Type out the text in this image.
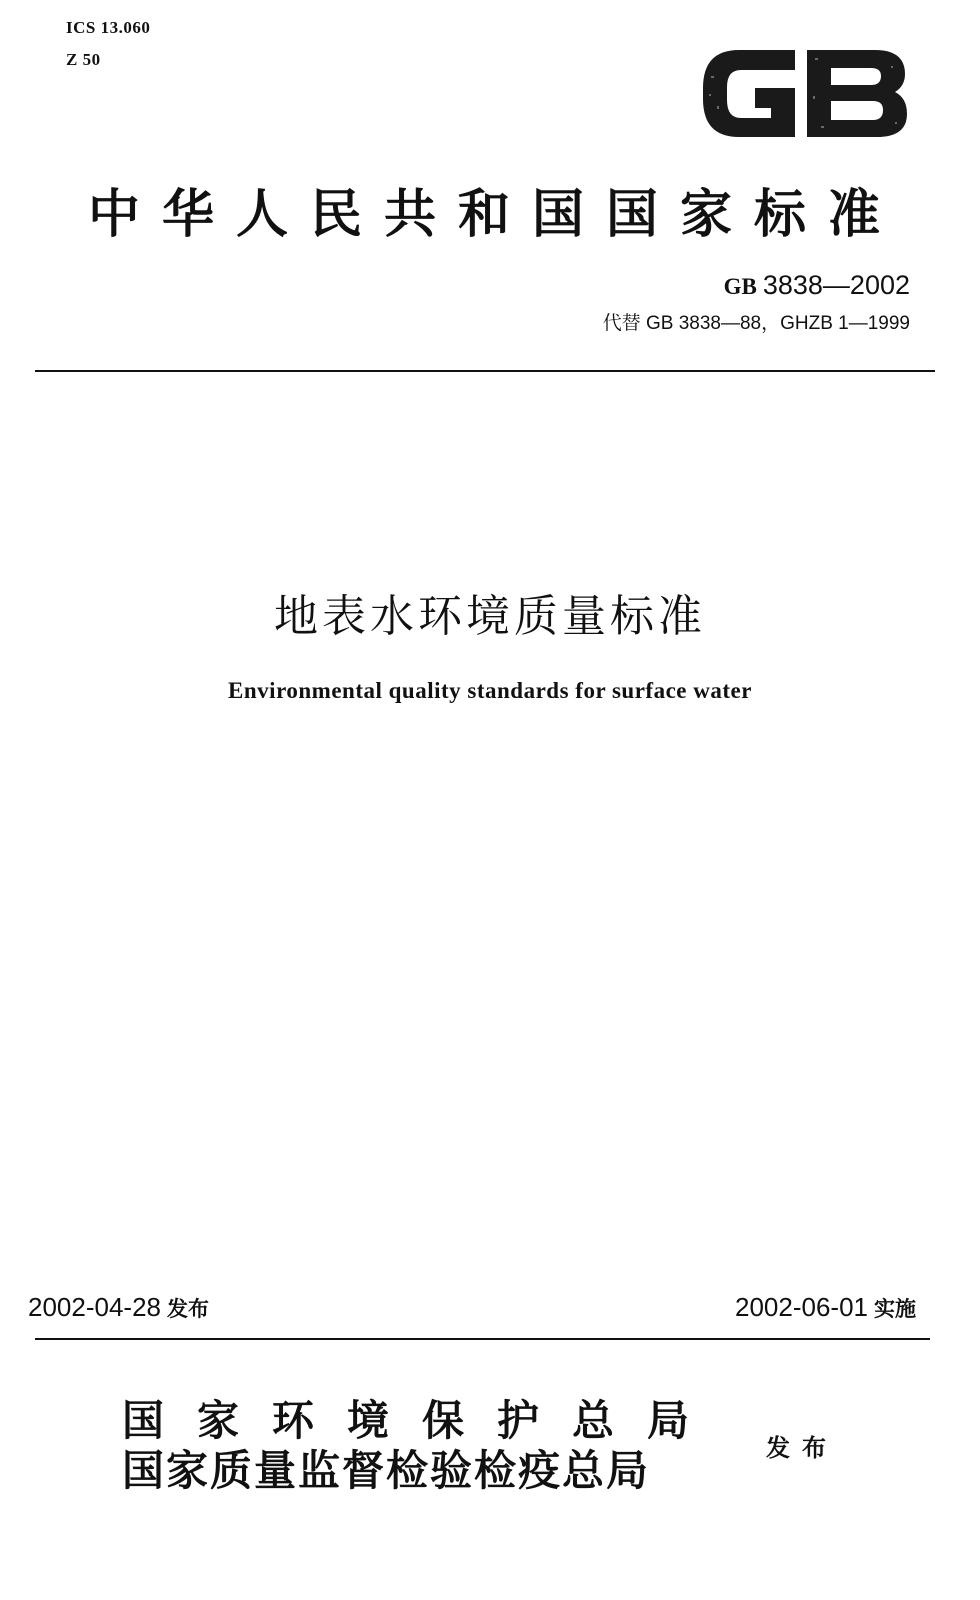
ICS 13.060
Z 50
GB
中华人民共和国国家标准
GB 3838—2002
代替 GB 3838—88，GHZB 1—1999
地表水环境质量标准
Environmental quality standards for surface water
2002-04-28 发布	2002-06-01 实施
国家环境保护总局
国家质量监督检验检疫总局	发布
